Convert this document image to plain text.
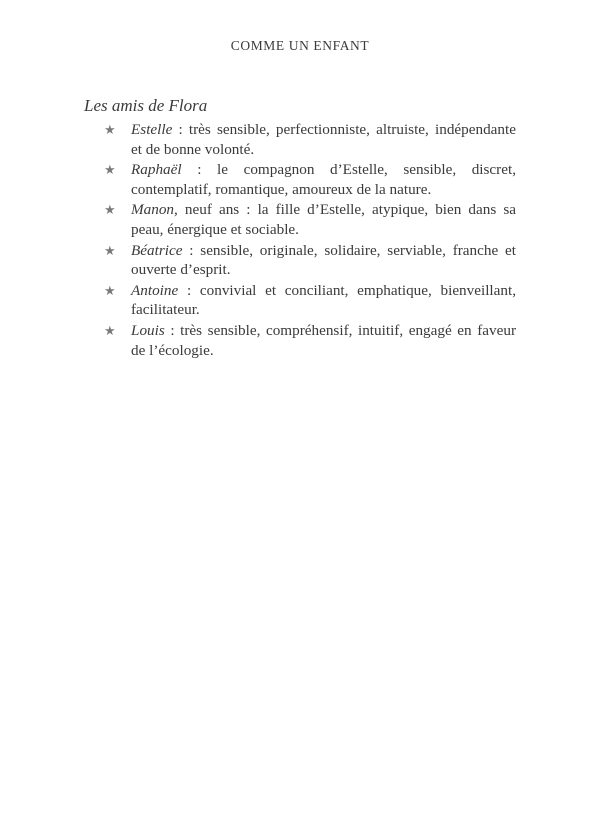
COMME UN ENFANT
Les amis de Flora
★ Estelle : très sensible, perfectionniste, altruiste, indépendante et de bonne volonté.
★ Raphaël : le compagnon d’Estelle, sensible, discret, contemplatif, romantique, amoureux de la nature.
★ Manon, neuf ans : la fille d’Estelle, atypique, bien dans sa peau, énergique et sociable.
★ Béatrice : sensible, originale, solidaire, serviable, franche et ouverte d’esprit.
★ Antoine : convivial et conciliant, emphatique, bienveillant, facilitateur.
★ Louis : très sensible, compréhensif, intuitif, engagé en faveur de l’écologie.
